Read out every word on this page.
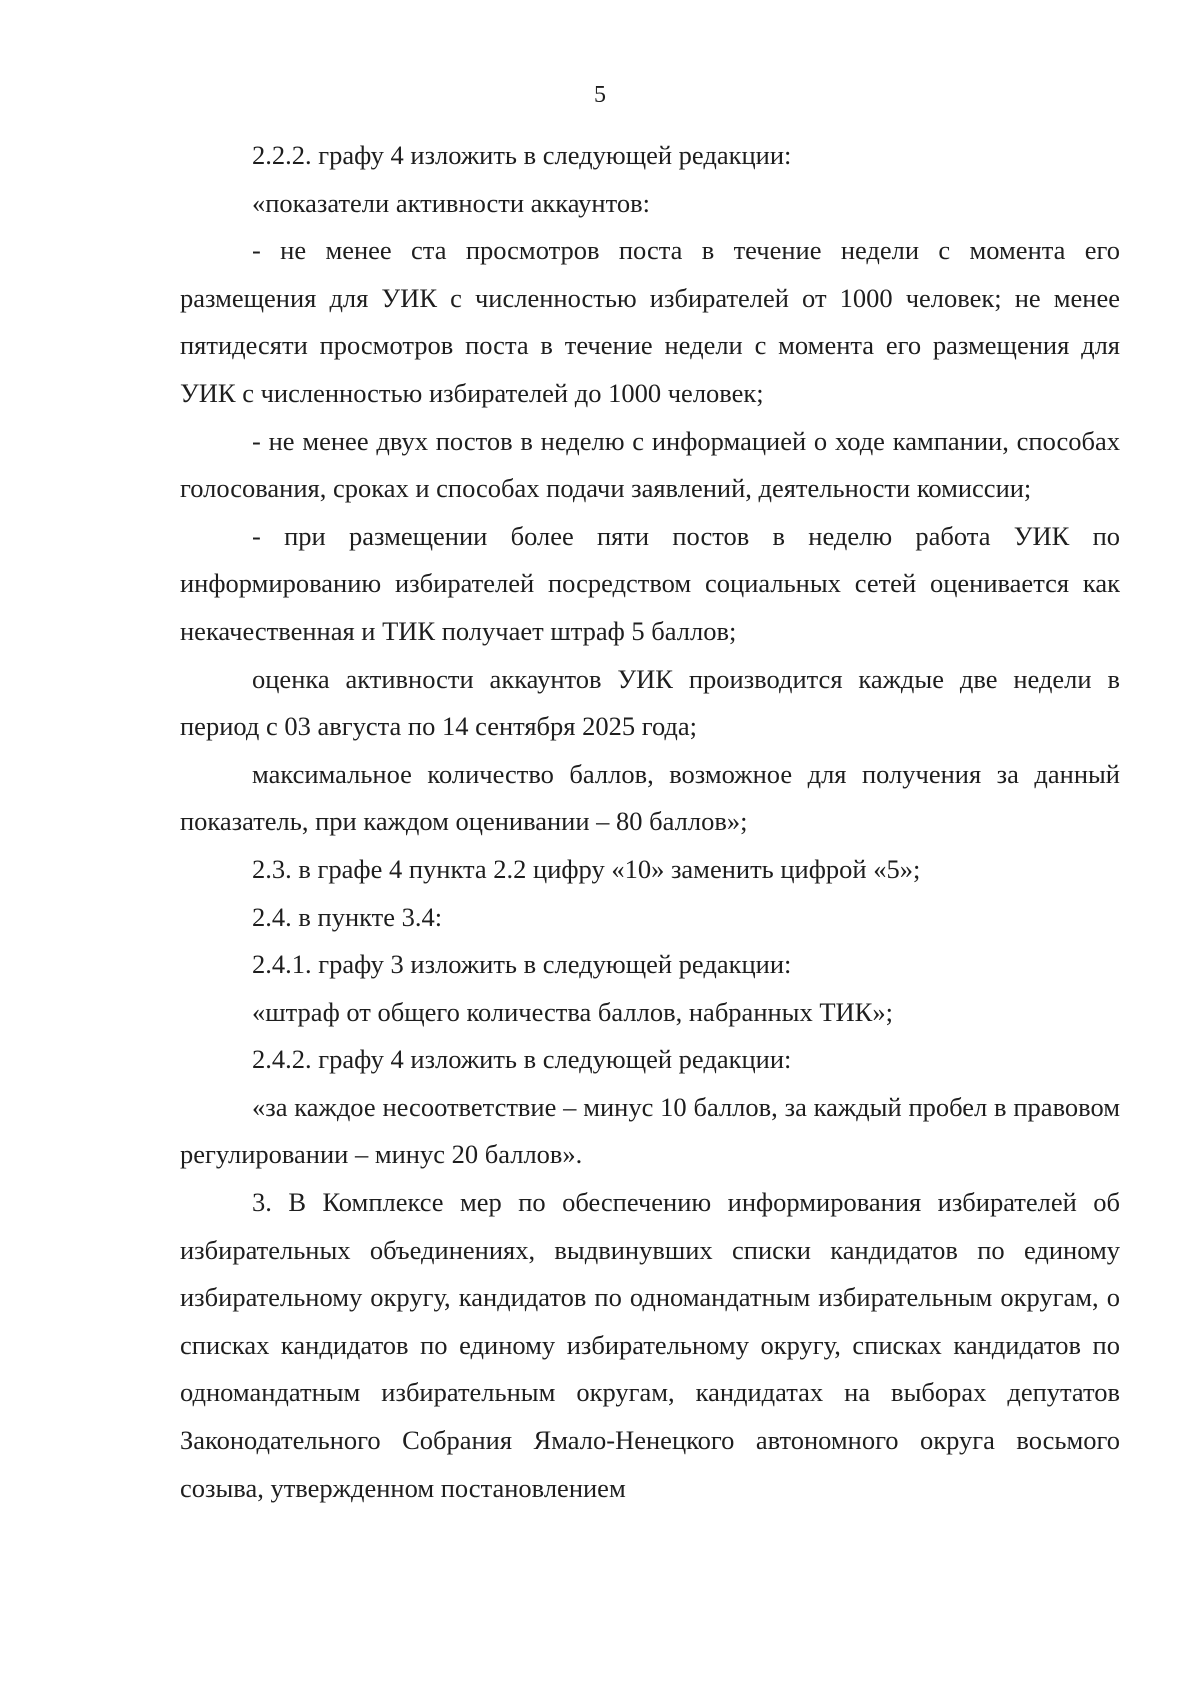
5

2.2.2. графу 4 изложить в следующей редакции:

«показатели активности аккаунтов:

- не менее ста просмотров поста в течение недели с момента его размещения для УИК с численностью избирателей от 1000 человек; не менее пятидесяти просмотров поста в течение недели с момента его размещения для УИК с численностью избирателей до 1000 человек;

- не менее двух постов в неделю с информацией о ходе кампании, способах голосования, сроках и способах подачи заявлений, деятельности комиссии;

- при размещении более пяти постов в неделю работа УИК по информированию избирателей посредством социальных сетей оценивается как некачественная и ТИК получает штраф 5 баллов;

оценка активности аккаунтов УИК производится каждые две недели в период с 03 августа по 14 сентября 2025 года;

максимальное количество баллов, возможное для получения за данный показатель, при каждом оценивании – 80 баллов»;

2.3. в графе 4 пункта 2.2 цифру «10» заменить цифрой «5»;

2.4. в пункте 3.4:

2.4.1. графу 3 изложить в следующей редакции:

«штраф от общего количества баллов, набранных ТИК»;

2.4.2. графу 4 изложить в следующей редакции:

«за каждое несоответствие – минус 10 баллов, за каждый пробел в правовом регулировании – минус 20 баллов».

3. В Комплексе мер по обеспечению информирования избирателей об избирательных объединениях, выдвинувших списки кандидатов по единому избирательному округу, кандидатов по одномандатным избирательным округам, о списках кандидатов по единому избирательному округу, списках кандидатов по одномандатным избирательным округам, кандидатах на выборах депутатов Законодательного Собрания Ямало-Ненецкого автономного округа восьмого созыва, утвержденном постановлением
